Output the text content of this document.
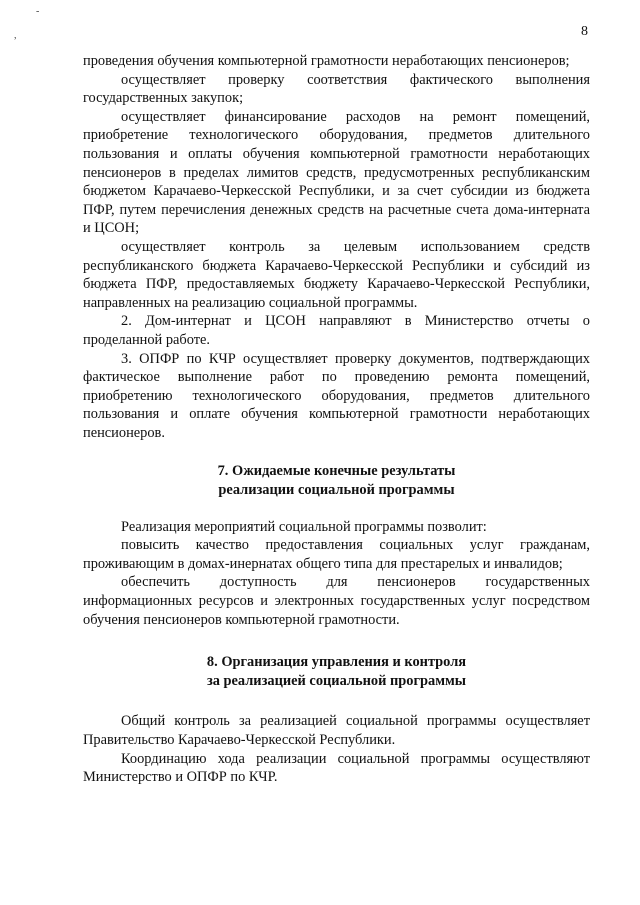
-
,	8

проведения обучения компьютерной грамотности неработающих пенсионеров;

осуществляет проверку соответствия фактического выполнения государственных закупок;

осуществляет финансирование расходов на ремонт помещений, приобретение технологического оборудования, предметов длительного пользования и оплаты обучения компьютерной грамотности неработающих пенсионеров в пределах лимитов средств, предусмотренных республиканским бюджетом Карачаево-Черкесской Республики, и за счет субсидии из бюджета ПФР, путем перечисления денежных средств на расчетные счета дома-интерната и ЦСОН;

осуществляет контроль за целевым использованием средств республиканского бюджета Карачаево-Черкесской Республики и субсидий из бюджета ПФР, предоставляемых бюджету Карачаево-Черкесской Республики, направленных на реализацию социальной программы.

2. Дом-интернат и ЦСОН направляют в Министерство отчеты о проделанной работе.

3. ОПФР по КЧР осуществляет проверку документов, подтверждающих фактическое выполнение работ по проведению ремонта помещений, приобретению технологического оборудования, предметов длительного пользования и оплате обучения компьютерной грамотности неработающих пенсионеров.

7. Ожидаемые конечные результаты
реализации социальной программы

Реализация мероприятий социальной программы позволит:

повысить качество предоставления социальных услуг гражданам, проживающим в домах-инернатах общего типа для престарелых и инвалидов;

обеспечить доступность для пенсионеров государственных информационных ресурсов и электронных государственных услуг посредством обучения пенсионеров компьютерной грамотности.

8. Организация управления и контроля
за реализацией социальной программы

Общий контроль за реализацией социальной программы осуществляет Правительство Карачаево-Черкесской Республики.

Координацию хода реализации социальной программы осуществляют Министерство и ОПФР по КЧР.
